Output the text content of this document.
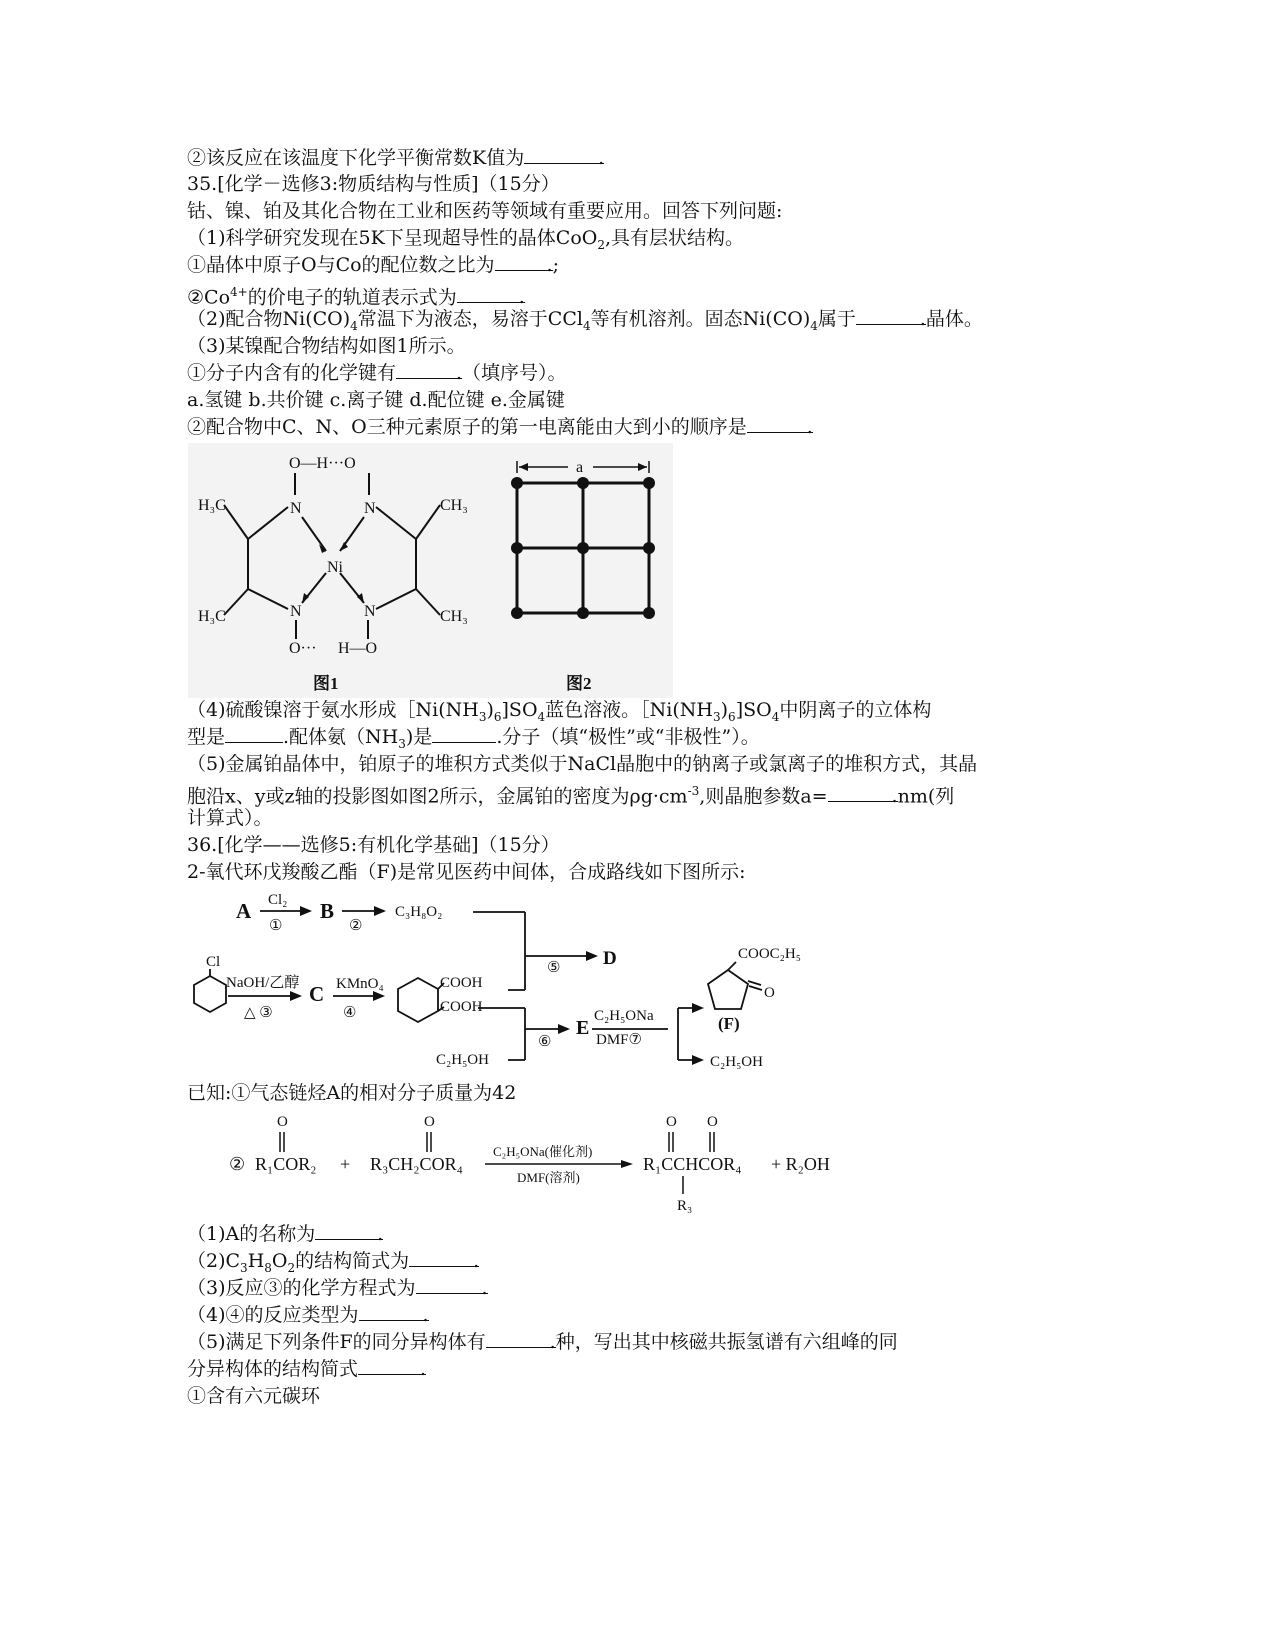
②该反应在该温度下化学平衡常数K值为	.
35.[化学－选修3:物质结构与性质]（15分）
钴、镍、铂及其化合物在工业和医药等领域有重要应用。回答下列问题:
（1)科学研究发现在5K下呈现超导性的晶体CoO$_2$,具有层状结构。
①晶体中原子O与Co的配位数之比为	.;
$②Co^{4+}$的价电子的轨道表示式为	.
（2)配合物$Ni(CO)_4$常温下为液态，易溶于CCl$_4$等有机溶剂。固态$Ni(CO)_4$属于	.晶体。
（3)某镍配合物结构如图1所示。
①分子内含有的化学键有	.（填序号）。
a.氢键 b.共价键 c.离子键 d.配位键 e.金属键
②配合物中C、N、O三种元素原子的第一电离能由大到小的顺序是	.
O—H···O
N	N
H₃C	CH₃
Ni
H₃C	CH₃
N	N
O··· H—O
图1
a
图2
（4)硫酸镍溶于氨水形成$[Ni(NH_3)_6]SO_4$蓝色溶液。$[Ni(NH_3)_6]SO_4$中阴离子的立体构
型是	.配体氨$(NH_3)$是	.分子（填“极性”或“非极性”）。
（5)金属铂晶体中，铂原子的堆积方式类似于NaCl晶胞中的钠离子或氯离子的堆积方式，其晶
胞沿x、y或z轴的投影图如图2所示，金属铂的密度为$\rho g\cdot cm^{-3}$,则晶胞参数a=	.nm(列
计算式）。
36.[化学——选修5:有机化学基础]（15分）
2-氧代环戊羧酸乙酯（F)是常见医药中间体，合成路线如下图所示:
A Cl₂
①
B
②
C₃H₈O₂
⑤ D
Cl
NaOH/乙醇
△ ③
C KMnO₄
④
COOH
COOH
COOC₂H₅
O
(F)
E
⑥
C₂H₅ONa
DMF⑦
C₂H₅OH	C₂H₅OH
已知:①气态链烃A的相对分子质量为42
② R₁COR₂ + R₃CH₂COR₄	R₁CCHCOR₄ + R₂OH
R₃
O	O	O O
C₂H₅ONa(催化剂)
DMF(溶剂)
（1)A的名称为	.
$(2)C_3H_8O_2$的结构简式为	.
（3)反应③的化学方程式为	.
（4)④的反应类型为	.
（5)满足下列条件F的同分异构体有	.种，写出其中核磁共振氢谱有六组峰的同
分异构体的结构简式	.
①含有六元碳环
